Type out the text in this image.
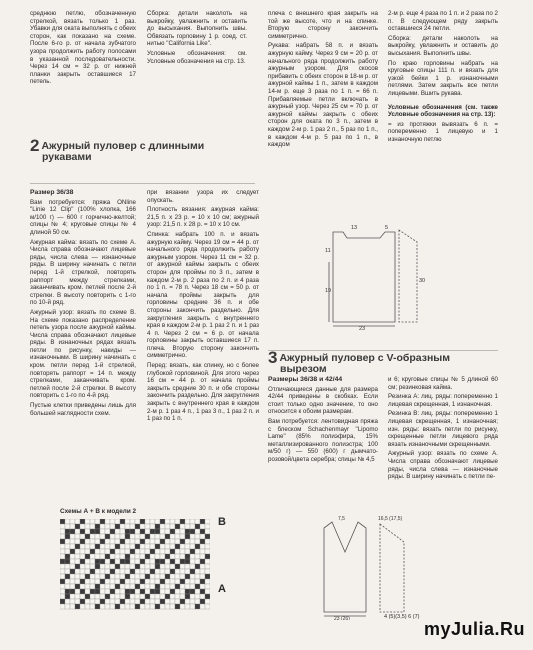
среднюю петлю, обозначенную стрелкой, вязать только 1 раз. Убавки для оката выполнять с обеих сторон, как показано на схеме. После 6-го р. от начала зубчатого узора продолжить работу полосами в указанной последовательности. Через 14 см = 32 р. от нижней планки закрыть оставшиеся 17 петель.

Сборка: детали наколоть на выкройку, увлажнить и оставить до высыхания. Выполнить швы. Обвязать горловину 1 р. соед. ст. нитью "California Like".

Условные обозначения: см. Условные обозначения на стр. 13.

плеча с внешнего края закрыть на той же высоте, что и на спинке. Вторую сторону закончить симметрично.

Рукава: набрать 58 п. и вязать ажурную кайму. Через 9 см = 20 р. от начального ряда продолжить работу ажурным узором. Для скосов прибавить с обеих сторон в 18-м р. от ажурной каймы 1 п., затем в каждом 14-м р. еще 3 раза по 1 п. = 66 п. Прибавляемые петли включать в ажурный узор. Через 25 см = 70 р. от ажурной каймы закрыть с обеих сторон для оката по 3 п., затем в каждом 2-м р. 1 раз 2 п., 5 раз по 1 п., в каждом 4-м р. 5 раз по 1 п., в каждом

2-м р. еще 4 раза по 1 п. и 2 раза по 2 п. В следующем ряду закрыть оставшиеся 24 петли.

Сборка: детали наколоть на выкройку, увлажнить и оставить до высыхания. Выполнить швы.

По краю горловины набрать на круговые спицы 111 п. и вязать для узкой бейки 1 р. изнаночными петлями. Затем закрыть все петли лицевыми. Вшить рукава.

Условные обозначения (см. также Условные обозначения на стр. 13):

= из протяжки вывязать 6 п. = попеременно 1 лицевую и 1 изнаночную петлю

2 Ажурный пуловер с длинными
рукавами

Размер 36/38

Вам потребуется: пряжа ONline "Linie 12 Clip" (100% хлопка, 166 м/100 г) — 600 г горчично-желтой; спицы № 4; круговые спицы № 4 длиной 50 см.

Ажурная кайма: вязать по схеме А. Числа справа обозначают лицевые ряды, числа слева — изнаночные ряды. В ширину начинать с петли перед 1-й стрелкой, повторять раппорт между стрелками, заканчивать кром. петлей после 2-й стрелки. В высоту повторить с 1-го по 10-й ряд.

Ажурный узор: вязать по схеме В. На схеме показано распределение петель узора после ажурной каймы. Числа справа обозначают лицевые ряды. В изнаночных рядах вязать петли по рисунку, накиды — изнаночными. В ширину начинать с кром. петли перед 1-й стрелкой, повторять раппорт = 14 п. между стрелками, заканчивать кром. петлей после 2-й стрелки. В высоту повторить с 1-го по 4-й ряд.

Пустые клетки приведены лишь для большей наглядности схем.

при вязании узора их следует опускать.

Плотность вязания: ажурная кайма: 21,5 п. x 23 р. = 10 x 10 см; ажурный узор: 21,5 п. x 28 р. = 10 x 10 см.

Спинка: набрать 100 п. и вязать ажурную кайму. Через 19 см = 44 р. от начального ряда продолжить работу ажурным узором. Через 11 см = 32 р. от ажурной каймы закрыть с обеих сторон для проймы по 3 п., затем в каждом 2-м р. 2 раза по 2 п. и 4 раза по 1 п. = 78 п. Через 18 см = 50 р. от начала проймы закрыть для горловины средние 36 п. и обе стороны закончить раздельно. Для закругления закрыть с внутреннего края в каждом 2-м р. 1 раз 2 п. и 1 раз 4 п. Через 2 см = 6 р. от начала горловины закрыть оставшиеся 17 п. плеча. Вторую сторону закончить симметрично.

Перед: вязать, как спинку, но с более глубокой горловиной. Для этого через 16 см = 44 р. от начала проймы закрыть средние 30 п. и обе стороны закончить раздельно. Для закругления закрыть с внутреннего края в каждом 2-м р. 1 раз 4 п., 1 раз 3 п., 1 раз 2 п. и 1 раз по 1 п.

13	5
23
19
11
30
3 Ажурный пуловер с V-образным
вырезом

Размеры 36/38 и 42/44

Отличающиеся данные для размера 42/44 приведены в скобках. Если стоит только одно значение, то оно относится к обоим размерам.

Вам потребуется: лентовидная пряжа с блеском Schachenmayr "Lipomo Lame" (85% полиэфира, 15% металлизированного полиэстра; 100 м/50 г) — 550 (600) г дымчато-розовой/цвета серебра; спицы № 4,5

и 6; круговые спицы № 5 длиной 60 см; резинковая кайма.

Резинка А: лиц. ряды: попеременно 1 лицевая скрещенная, 1 изнаночная.

Резинка В: лиц. ряды: попеременно 1 лицевая скрещенная, 1 изнаночная; изн. ряды: вязать петли по рисунку, скрещенные петли лицевого ряда вязать изнаночными скрещенными.

Ажурный узор: вязать по схеме А. Числа справа обозначают лицевые ряды, числа слева — изнаночные ряды. В ширину начинать с петли пе-

Схемы А + В к модели 2
B
A
16,5 (17,5)
7,5
23 (26)	4 (5)(3,5) 6 (7)
myJulia.Ru
